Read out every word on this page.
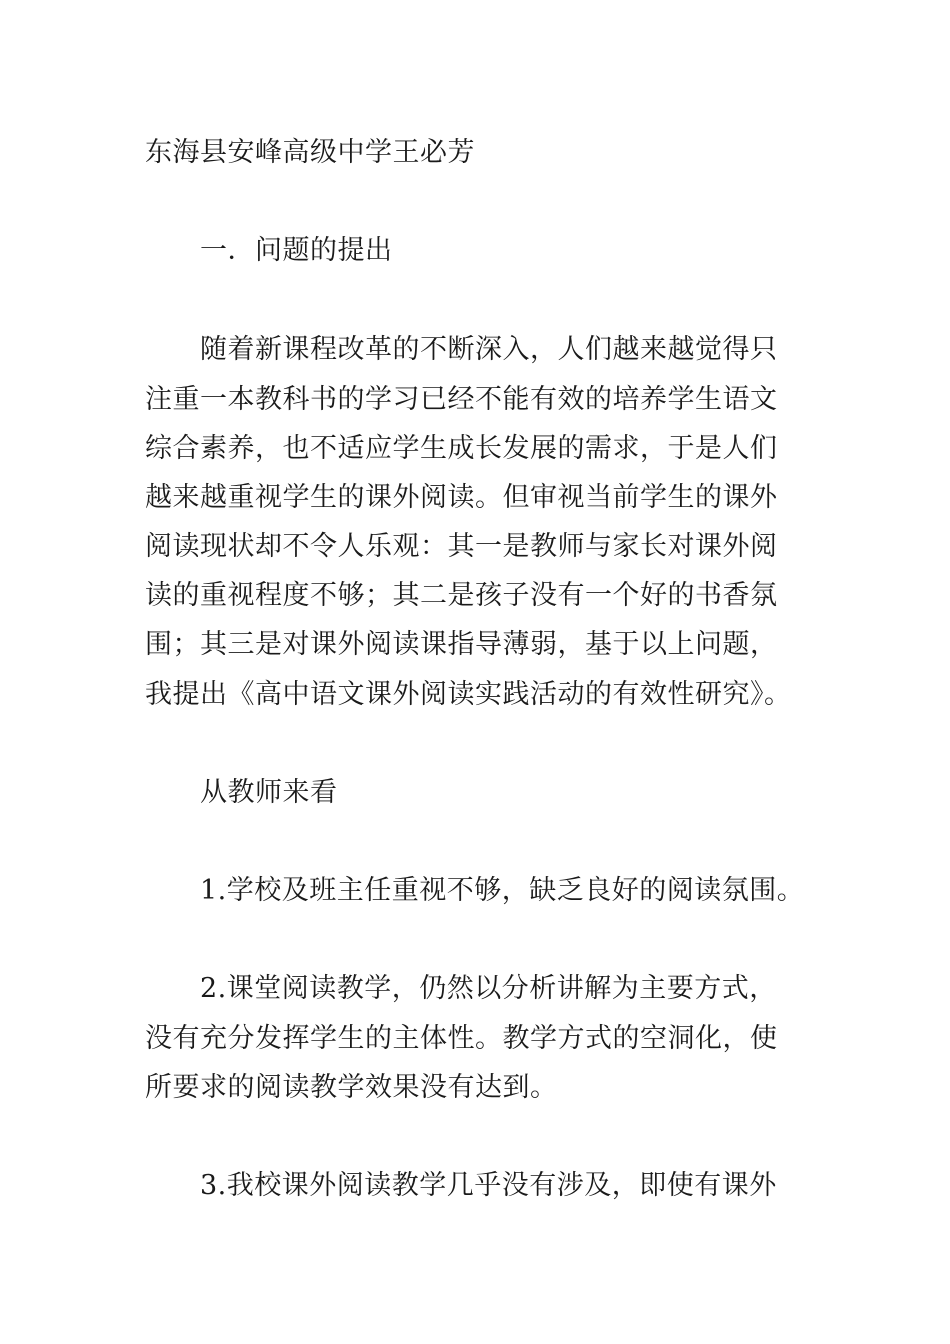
东海县安峰高级中学王必芳
一．问题的提出
随着新课程改革的不断深入，人们越来越觉得只
注重一本教科书的学习已经不能有效的培养学生语文
综合素养，也不适应学生成长发展的需求，于是人们
越来越重视学生的课外阅读。但审视当前学生的课外
阅读现状却不令人乐观：其一是教师与家长对课外阅
读的重视程度不够；其二是孩子没有一个好的书香氛
围；其三是对课外阅读课指导薄弱，基于以上问题，
我提出《高中语文课外阅读实践活动的有效性研究》。
从教师来看
1.学校及班主任重视不够，缺乏良好的阅读氛围。
2.课堂阅读教学，仍然以分析讲解为主要方式，
没有充分发挥学生的主体性。教学方式的空洞化，使
所要求的阅读教学效果没有达到。
3.我校课外阅读教学几乎没有涉及，即使有课外
